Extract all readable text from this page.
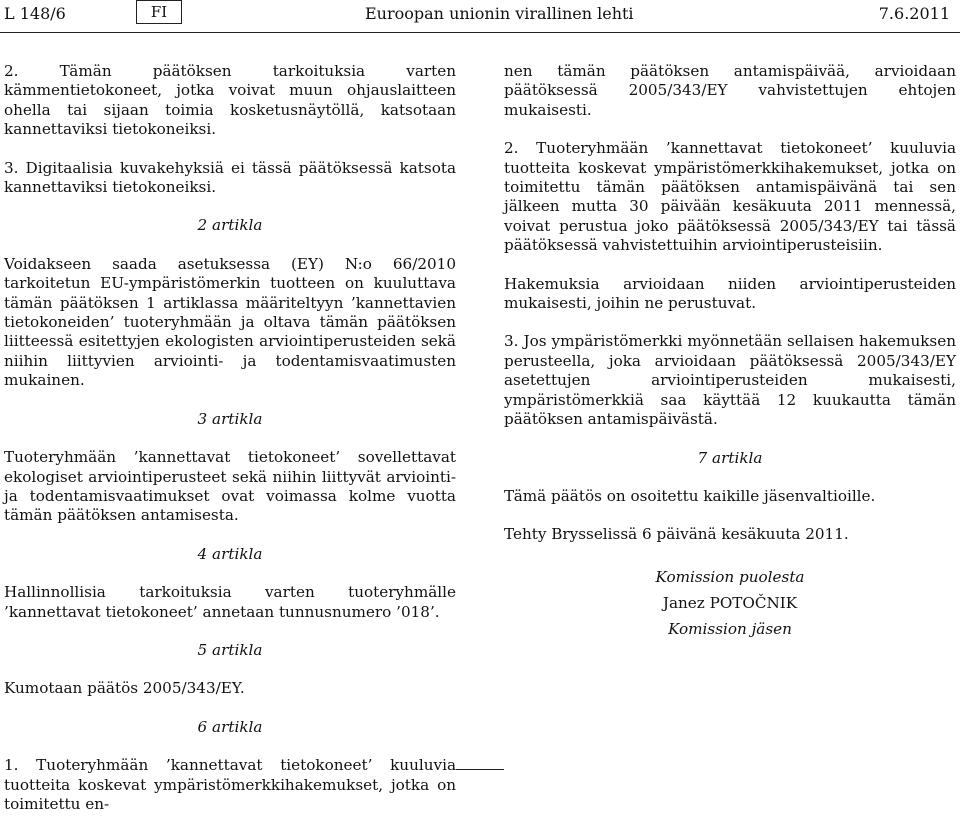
L 148/6	FI	Euroopan unionin virallinen lehti	7.6.2011

2. Tämän päätöksen tarkoituksia varten kämmentietokoneet, jotka voivat muun ohjauslaitteen ohella tai sijaan toimia kosketusnäytöllä, katsotaan kannettaviksi tietokoneiksi.

3. Digitaalisia kuvakehyksiä ei tässä päätöksessä katsota kannettaviksi tietokoneiksi.

2 artikla

Voidakseen saada asetuksessa (EY) N:o 66/2010 tarkoitetun EU-ympäristömerkin tuotteen on kuuluttava tämän päätöksen 1 artiklassa määriteltyyn ’kannettavien tietokoneiden’ tuoteryhmään ja oltava tämän päätöksen liitteessä esitettyjen ekologisten arviointiperusteiden sekä niihin liittyvien arviointi- ja todentamisvaatimusten mukainen.

3 artikla

Tuoteryhmään ’kannettavat tietokoneet’ sovellettavat ekologiset arviointiperusteet sekä niihin liittyvät arviointi- ja todentamisvaatimukset ovat voimassa kolme vuotta tämän päätöksen antamisesta.

4 artikla

Hallinnollisia tarkoituksia varten tuoteryhmälle ’kannettavat tietokoneet’ annetaan tunnusnumero ’018’.

5 artikla

Kumotaan päätös 2005/343/EY.

6 artikla

1. Tuoteryhmään ’kannettavat tietokoneet’ kuuluvia tuotteita koskevat ympäristömerkkihakemukset, jotka on toimitettu en-

nen tämän päätöksen antamispäivää, arvioidaan päätöksessä 2005/343/EY vahvistettujen ehtojen mukaisesti.

2. Tuoteryhmään ’kannettavat tietokoneet’ kuuluvia tuotteita koskevat ympäristömerkkihakemukset, jotka on toimitettu tämän päätöksen antamispäivänä tai sen jälkeen mutta 30 päivään kesäkuuta 2011 mennessä, voivat perustua joko päätöksessä 2005/343/EY tai tässä päätöksessä vahvistettuihin arviointiperusteisiin.

Hakemuksia arvioidaan niiden arviointiperusteiden mukaisesti, joihin ne perustuvat.

3. Jos ympäristömerkki myönnetään sellaisen hakemuksen perusteella, joka arvioidaan päätöksessä 2005/343/EY asetettujen arviointiperusteiden mukaisesti, ympäristömerkkiä saa käyttää 12 kuukautta tämän päätöksen antamispäivästä.

7 artikla

Tämä päätös on osoitettu kaikille jäsenvaltioille.

Tehty Brysselissä 6 päivänä kesäkuuta 2011.

Komission puolesta
Janez POTOČNIK
Komission jäsen
